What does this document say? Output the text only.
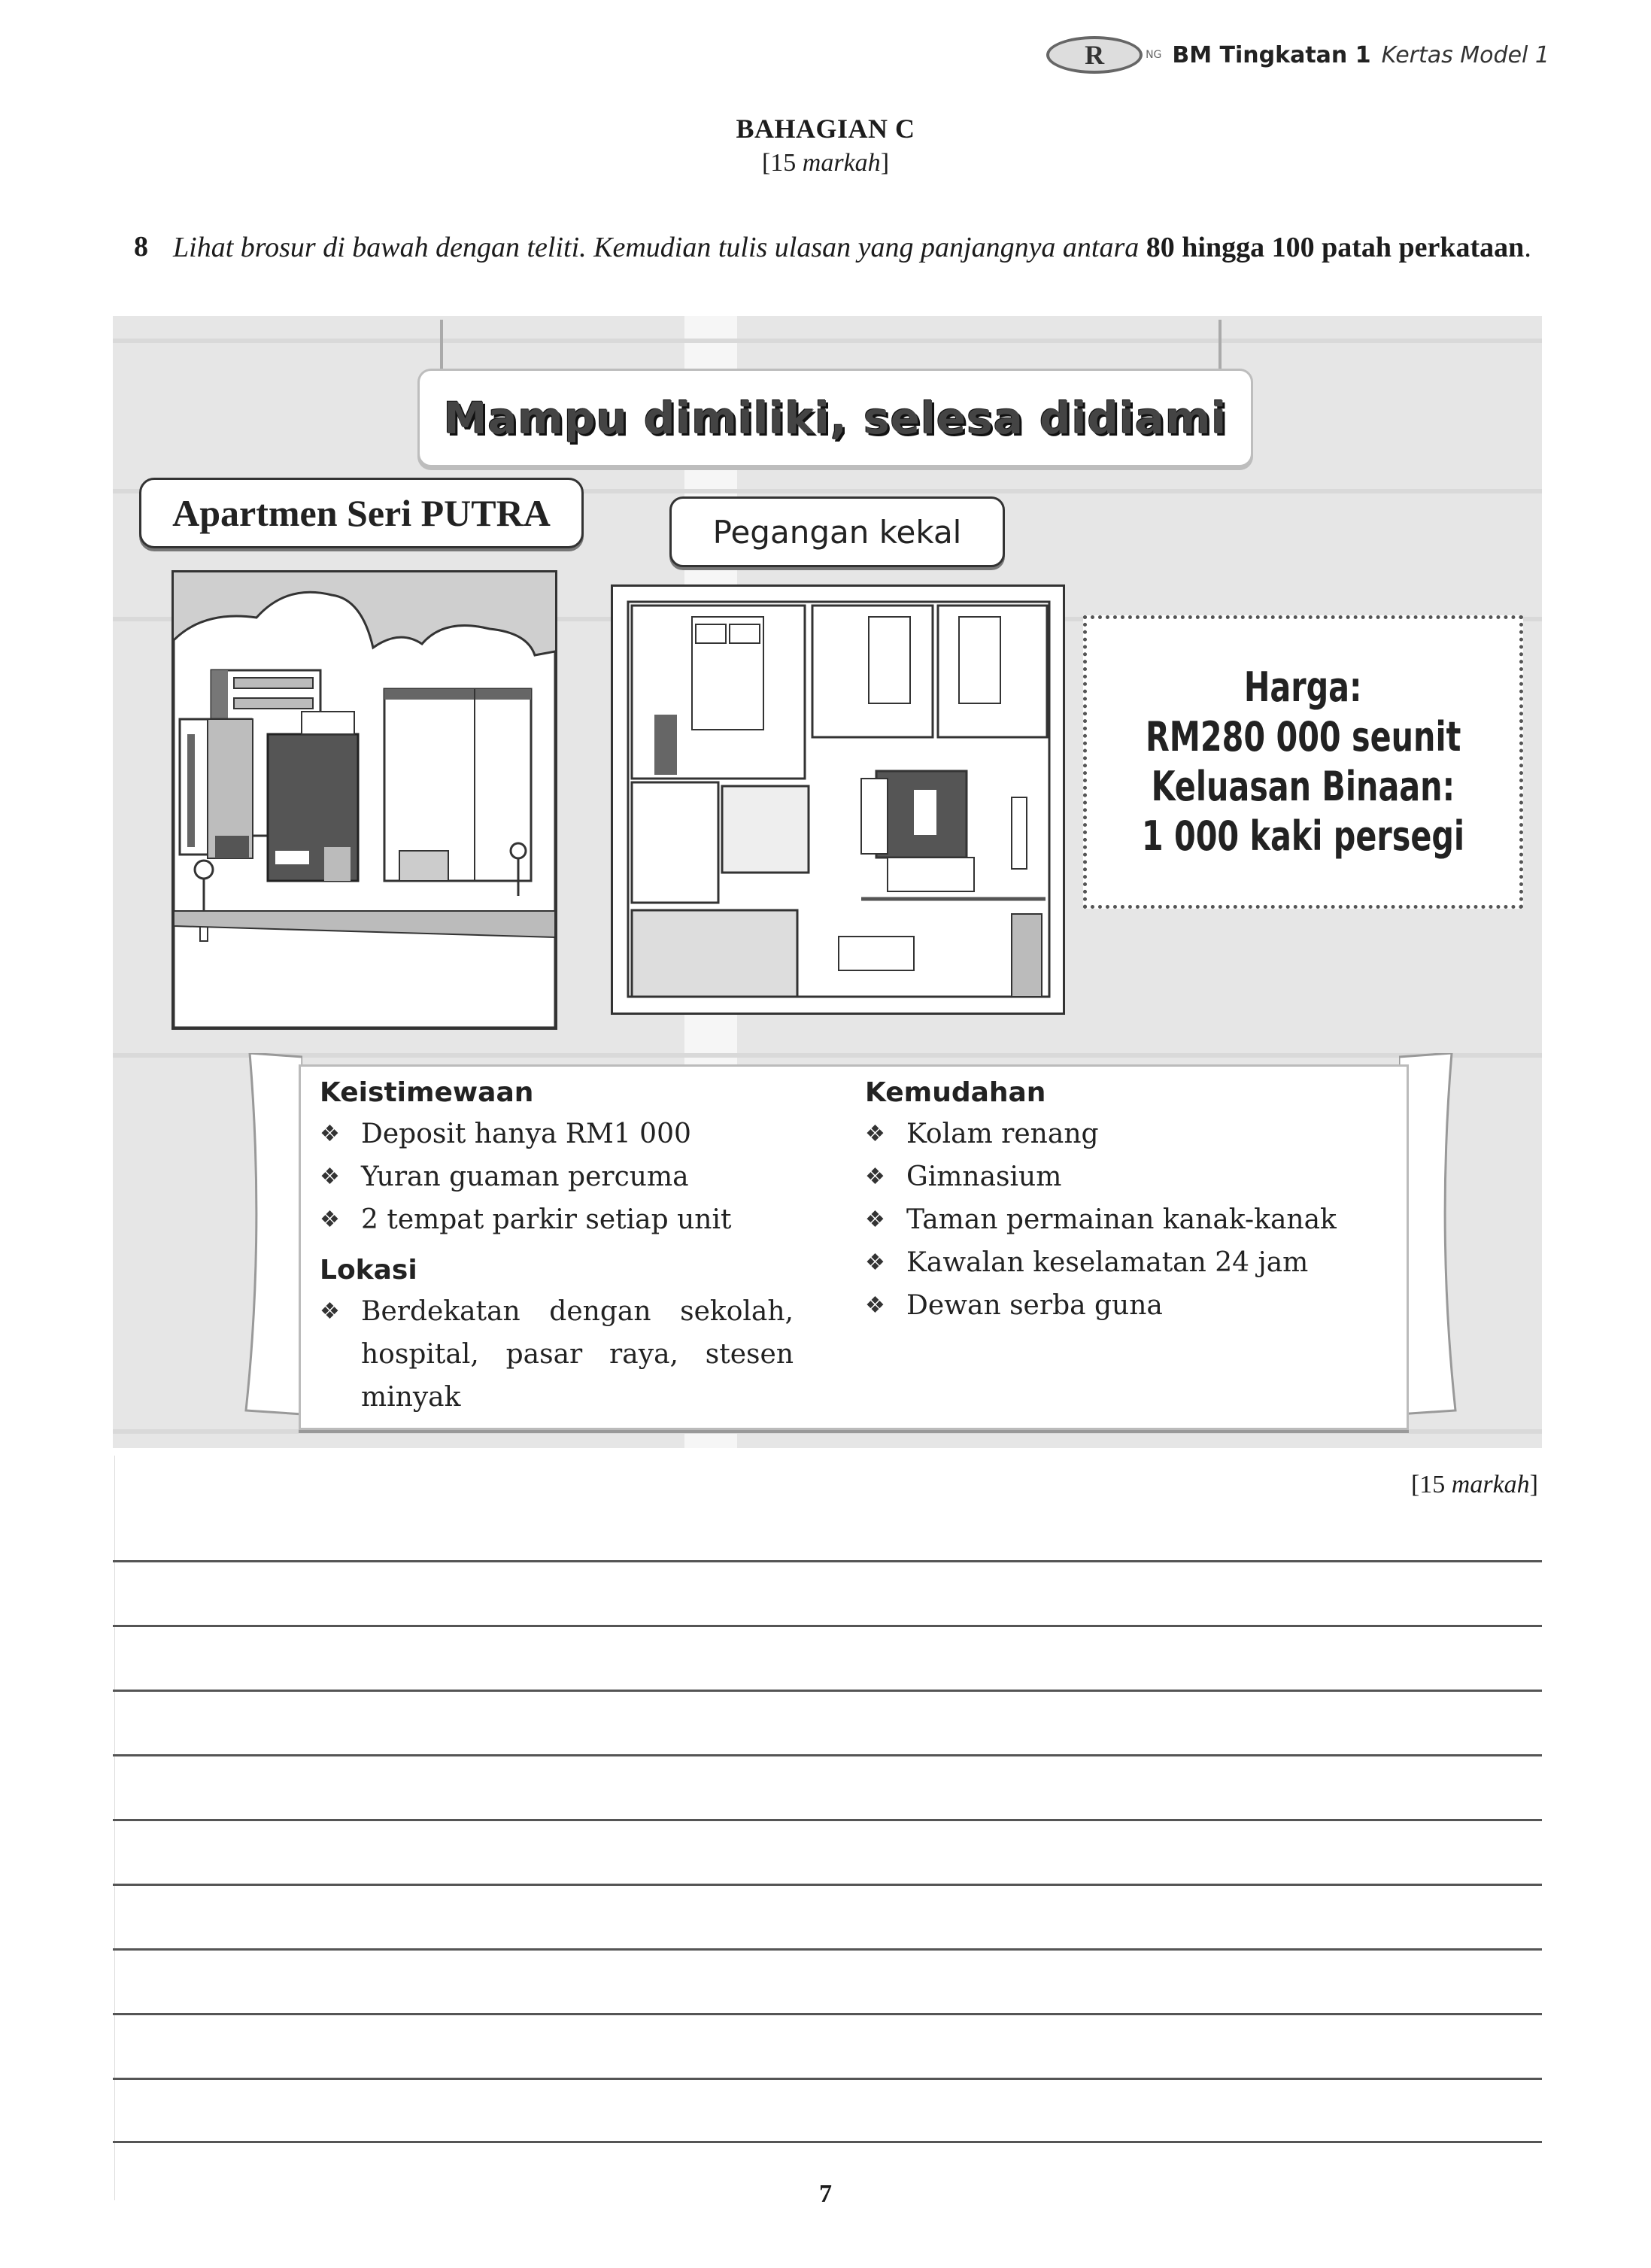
R	NG BM Tingkatan 1 Kertas Model 1
BAHAGIAN C
[15 markah]
8 Lihat brosur di bawah dengan teliti. Kemudian tulis ulasan yang panjangnya antara 80 hingga 100 patah perkataan.
Mampu dimiliki, selesa didiami
Apartmen Seri PUTRA	Pegangan kekal
Harga:
RM280 000 seunit
Keluasan Binaan:
1 000 kaki persegi
Keistimewaan
❖ Deposit hanya RM1 000
❖ Yuran guaman percuma
❖ 2 tempat parkir setiap unit
Lokasi
❖ Berdekatan dengan sekolah, hospital, pasar raya, stesen minyak
Kemudahan
❖ Kolam renang
❖ Gimnasium
❖ Taman permainan kanak-kanak
❖ Kawalan keselamatan 24 jam
❖ Dewan serba guna
[15 markah]
7
